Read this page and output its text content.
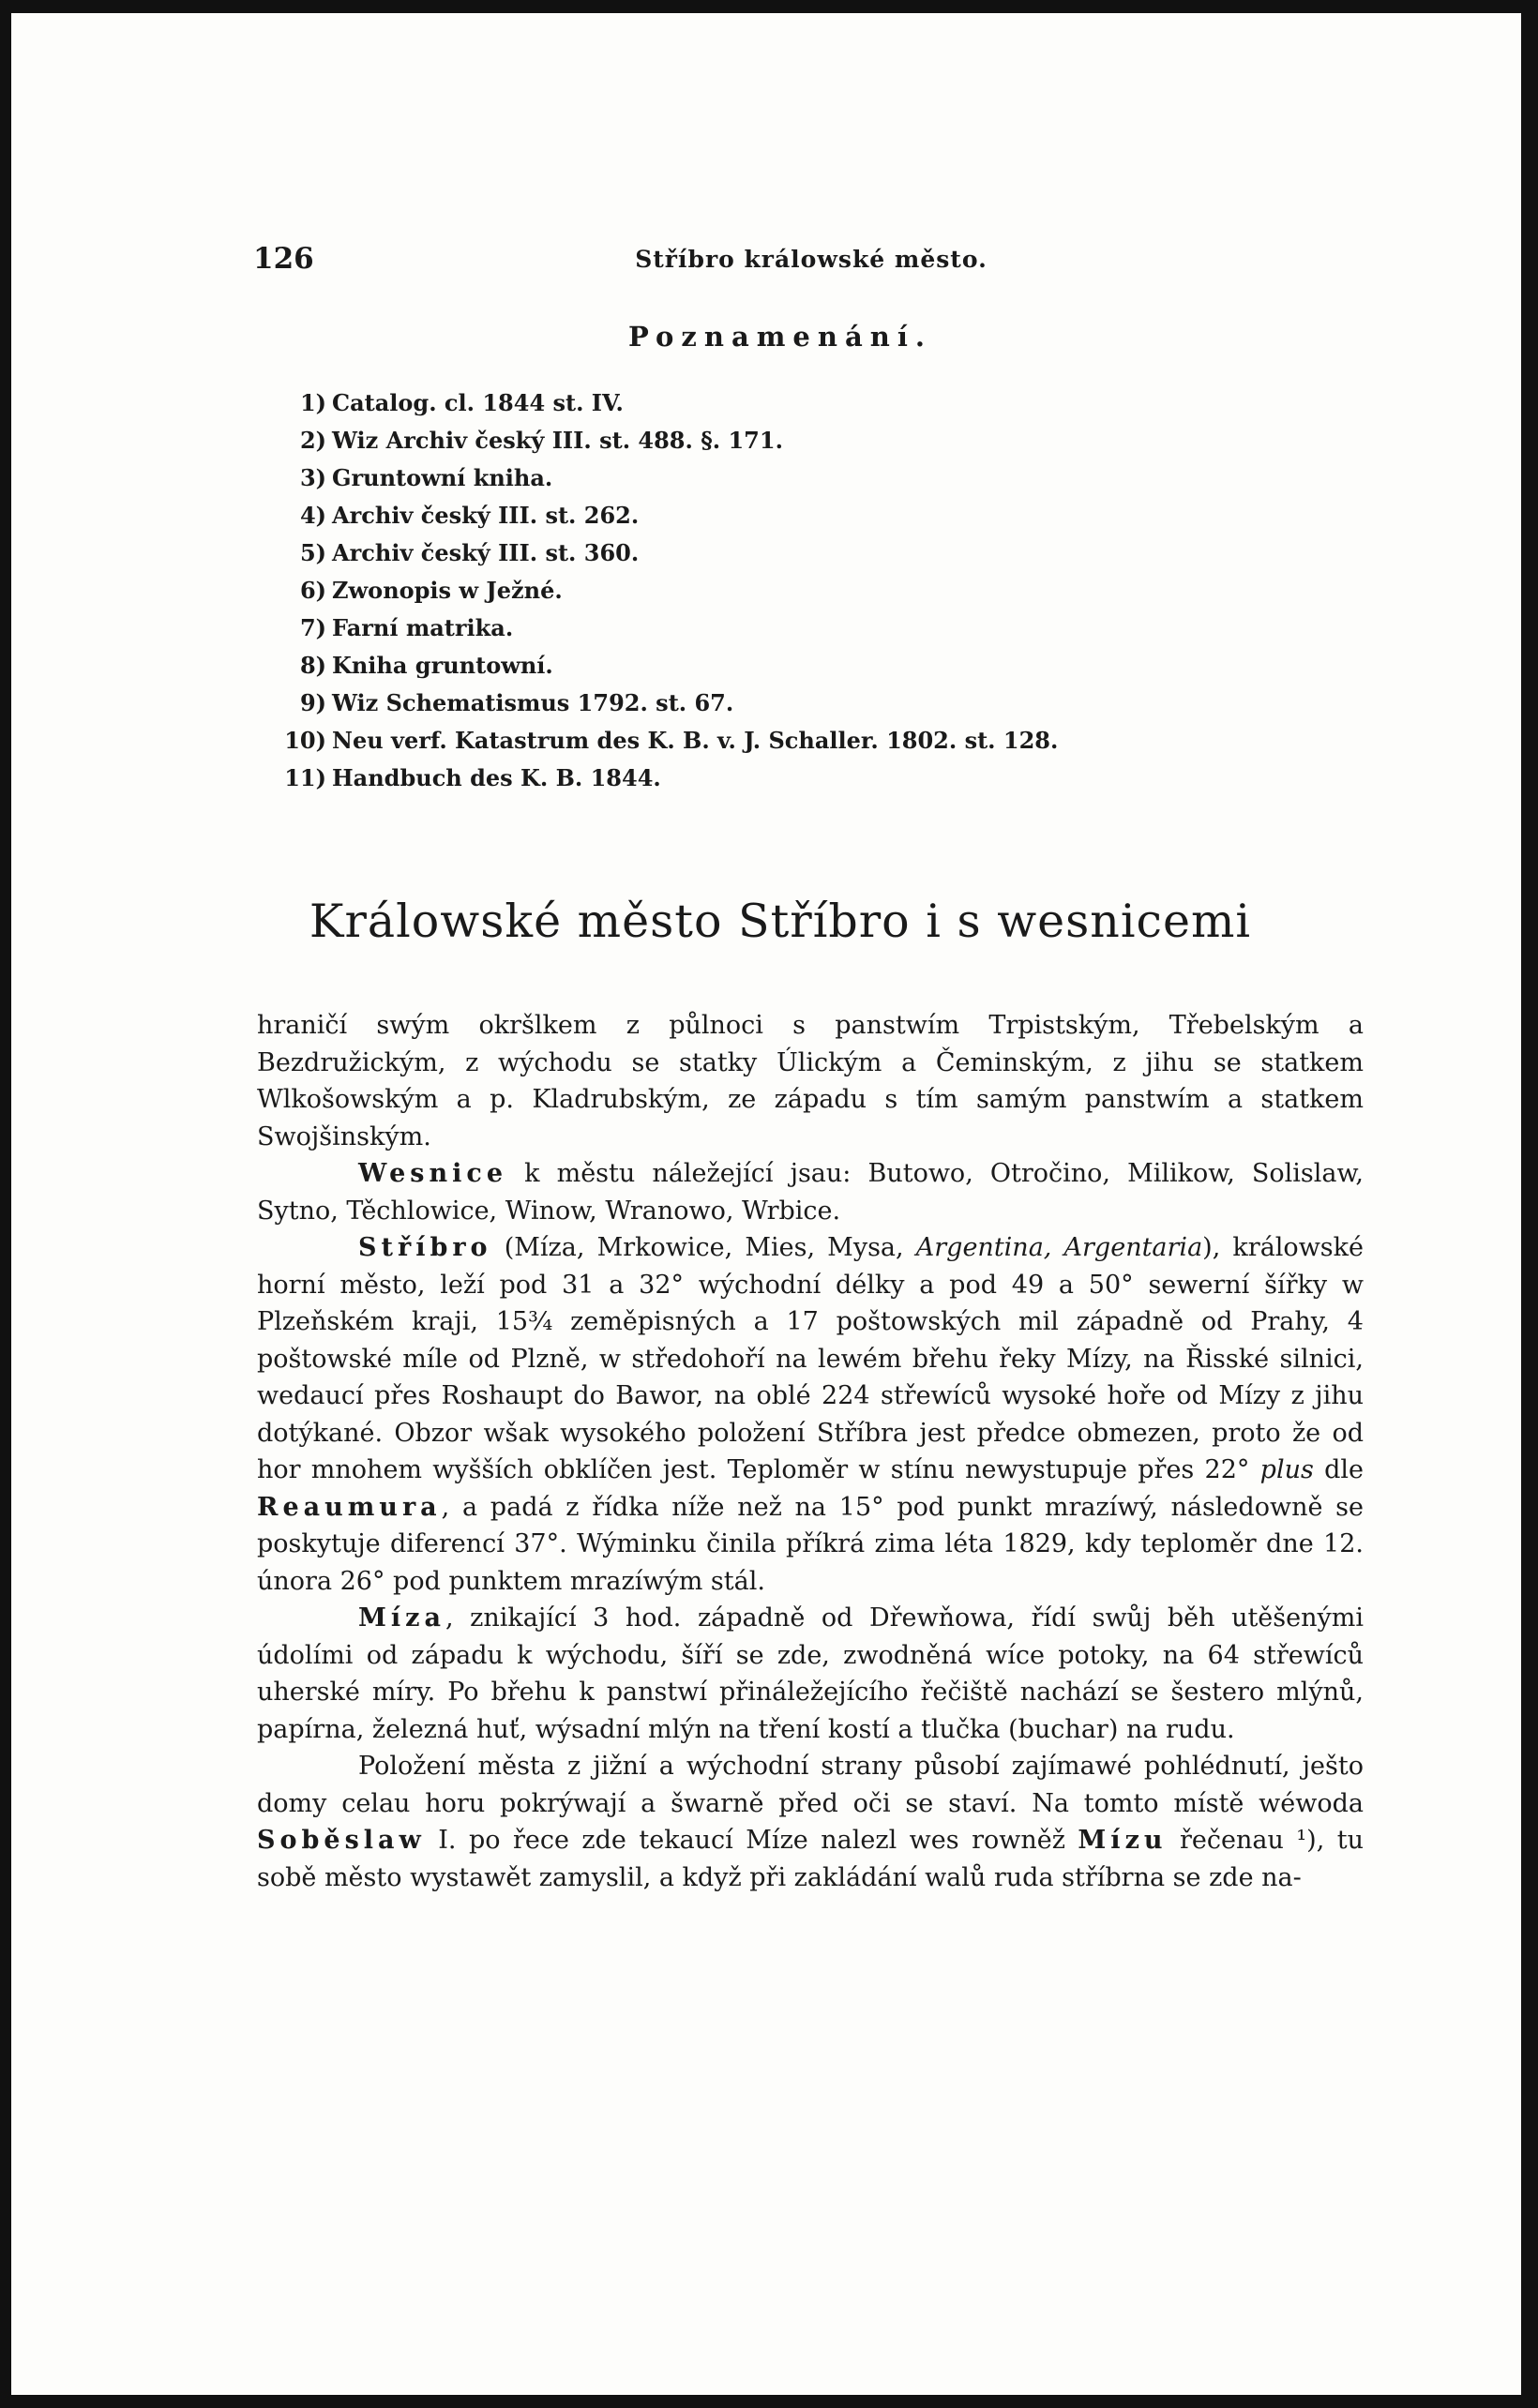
126	Stříbro králowské město.
Poznamenání.
1) Catalog. cl. 1844 st. IV.
2) Wiz Archiv český III. st. 488. §. 171.
3) Gruntowní kniha.
4) Archiv český III. st. 262.
5) Archiv český III. st. 360.
6) Zwonopis w Ježné.
7) Farní matrika.
8) Kniha gruntowní.
9) Wiz Schematismus 1792. st. 67.
10) Neu verf. Katastrum des K. B. v. J. Schaller. 1802. st. 128.
11) Handbuch des K. B. 1844.
Králowské město Stříbro i s wesnicemi

hraničí swým okršlkem z půlnoci s panstwím Trpistským, Třebelským a Bezdružickým, z wýchodu se statky Úlickým a Čeminským, z jihu se statkem Wlkošowským a p. Kladrubským, ze západu s tím samým panstwím a statkem Swojšinským.

Wesnice k městu náležející jsau: Butowo, Otročino, Milikow, Solislaw, Sytno, Těchlowice, Winow, Wranowo, Wrbice.

Stříbro (Míza, Mrkowice, Mies, Mysa, Argentina, Argentaria), králowské horní město, leží pod 31 a 32° wýchodní délky a pod 49 a 50° sewerní šířky w Plzeňském kraji, 15¾ zeměpisných a 17 poštowských mil západně od Prahy, 4 poštowské míle od Plzně, w středohoří na lewém břehu řeky Mízy, na Řisské silnici, wedaucí přes Roshaupt do Bawor, na oblé 224 střewíců wysoké hoře od Mízy z jihu dotýkané. Obzor wšak wysokého položení Stříbra jest předce obmezen, proto že od hor mnohem wyšších obklíčen jest. Teploměr w stínu newystupuje přes 22° plus dle Reaumura, a padá z řídka níže než na 15° pod punkt mrazíwý, následowně se poskytuje diferencí 37°. Wýminku činila příkrá zima léta 1829, kdy teploměr dne 12. února 26° pod punktem mrazíwým stál.

Míza, znikající 3 hod. západně od Dřewňowa, řídí swůj běh utěšenými údolími od západu k wýchodu, šíří se zde, zwodněná wíce potoky, na 64 střewíců uherské míry. Po břehu k panstwí přináležejícího řečiště nachází se šestero mlýnů, papírna, železná huť, wýsadní mlýn na tření kostí a tlučka (buchar) na rudu.

Položení města z jižní a wýchodní strany působí zajímawé pohlédnutí, ješto domy celau horu pokrýwají a šwarně před oči se staví. Na tomto místě wéwoda Soběslaw I. po řece zde tekaucí Míze nalezl wes rowněž Mízu řečenau ¹), tu sobě město wystawět zamyslil, a když při zakládání walů ruda stříbrna se zde na-
